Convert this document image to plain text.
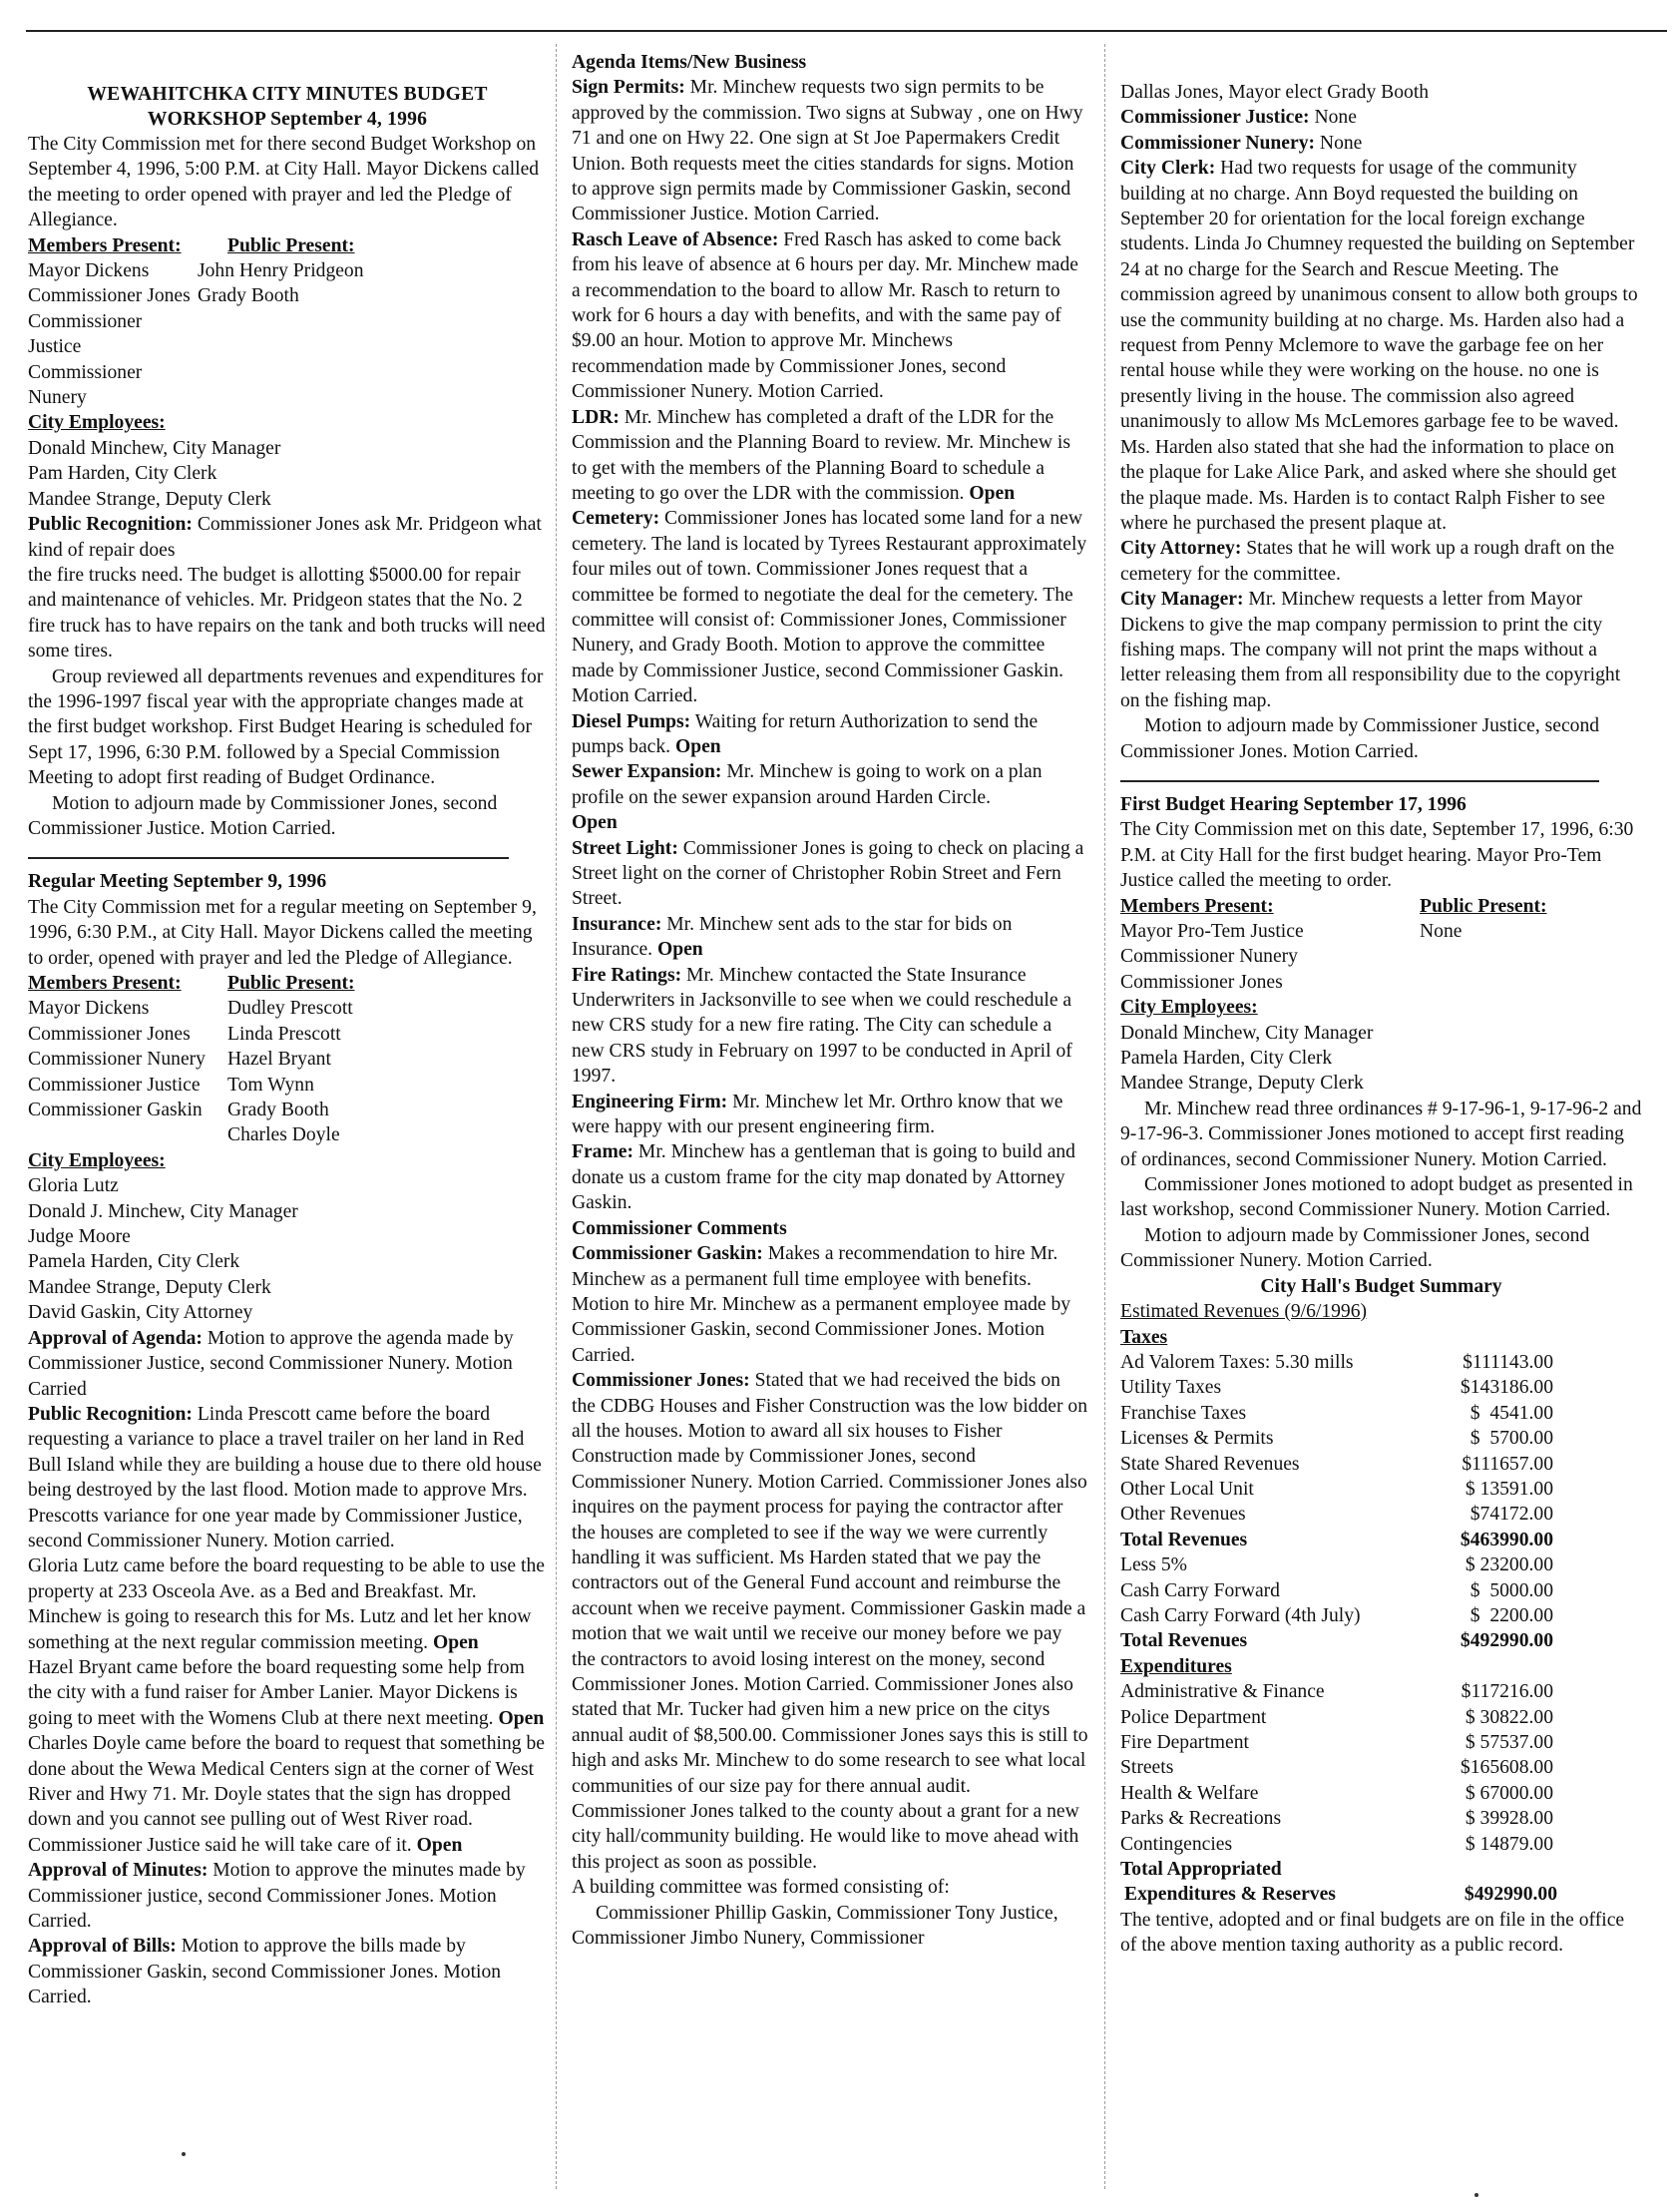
WEWAHITCHKA CITY MINUTES BUDGET
WORKSHOP September 4, 1996

The City Commission met for there second Budget Workshop on September 4, 1996, 5:00 P.M. at City Hall. Mayor Dickens called the meeting to order opened with prayer and led the Pledge of Allegiance.

Members Present:	Public Present:
Mayor Dickens	John Henry Pridgeon
Commissioner Jones Grady Booth
Commissioner Justice
Commissioner Nunery
City Employees:
Donald Minchew, City Manager
Pam Harden, City Clerk
Mandee Strange, Deputy Clerk

Public Recognition: Commissioner Jones ask Mr. Pridgeon what kind of repair does

the fire trucks need. The budget is allotting $5000.00 for repair and maintenance of vehicles. Mr. Pridgeon states that the No. 2 fire truck has to have repairs on the tank and both trucks will need some tires.

Group reviewed all departments revenues and expenditures for the 1996-1997 fiscal year with the appropriate changes made at the first budget workshop. First Budget Hearing is scheduled for Sept 17, 1996, 6:30 P.M. followed by a Special Commission Meeting to adopt first reading of Budget Ordinance.

Motion to adjourn made by Commissioner Jones, second Commissioner Justice. Motion Carried.

Regular Meeting September 9, 1996

The City Commission met for a regular meeting on September 9, 1996, 6:30 P.M., at City Hall. Mayor Dickens called the meeting to order, opened with prayer and led the Pledge of Allegiance.

Members Present:	Public Present:
Mayor Dickens	Dudley Prescott
Commissioner Jones	Linda Prescott
Commissioner Nunery	Hazel Bryant
Commissioner Justice	Tom Wynn
Commissioner Gaskin	Grady Booth
Charles Doyle
City Employees:
Gloria Lutz
Donald J. Minchew, City Manager
Judge Moore
Pamela Harden, City Clerk
Mandee Strange, Deputy Clerk
David Gaskin, City Attorney

Approval of Agenda: Motion to approve the agenda made by Commissioner Justice, second Commissioner Nunery. Motion Carried

Public Recognition: Linda Prescott came before the board requesting a variance to place a travel trailer on her land in Red Bull Island while they are building a house due to there old house being destroyed by the last flood. Motion made to approve Mrs. Prescotts variance for one year made by Commissioner Justice, second Commissioner Nunery. Motion carried.

Gloria Lutz came before the board requesting to be able to use the property at 233 Osceola Ave. as a Bed and Breakfast. Mr. Minchew is going to research this for Ms. Lutz and let her know something at the next regular commission meeting. Open

Hazel Bryant came before the board requesting some help from the city with a fund raiser for Amber Lanier. Mayor Dickens is going to meet with the Womens Club at there next meeting. Open

Charles Doyle came before the board to request that something be done about the Wewa Medical Centers sign at the corner of West River and Hwy 71. Mr. Doyle states that the sign has dropped down and you cannot see pulling out of West River road. Commissioner Justice said he will take care of it. Open

Approval of Minutes: Motion to approve the minutes made by Commissioner justice, second Commissioner Jones. Motion Carried.

Approval of Bills: Motion to approve the bills made by Commissioner Gaskin, second Commissioner Jones. Motion Carried.

Agenda Items/New Business

Sign Permits: Mr. Minchew requests two sign permits to be approved by the commission. Two signs at Subway , one on Hwy 71 and one on Hwy 22. One sign at St Joe Papermakers Credit Union. Both requests meet the cities standards for signs. Motion to approve sign permits made by Commissioner Gaskin, second Commissioner Justice. Motion Carried.

Rasch Leave of Absence: Fred Rasch has asked to come back from his leave of absence at 6 hours per day. Mr. Minchew made a recommendation to the board to allow Mr. Rasch to return to work for 6 hours a day with benefits, and with the same pay of $9.00 an hour. Motion to approve Mr. Minchews recommendation made by Commissioner Jones, second Commissioner Nunery. Motion Carried.

LDR: Mr. Minchew has completed a draft of the LDR for the Commission and the Planning Board to review. Mr. Minchew is to get with the members of the Planning Board to schedule a meeting to go over the LDR with the commission. Open

Cemetery: Commissioner Jones has located some land for a new cemetery. The land is located by Tyrees Restaurant approximately four miles out of town. Commissioner Jones request that a committee be formed to negotiate the deal for the cemetery. The committee will consist of: Commissioner Jones, Commissioner Nunery, and Grady Booth. Motion to approve the committee made by Commissioner Justice, second Commissioner Gaskin. Motion Carried.

Diesel Pumps: Waiting for return Authorization to send the pumps back. Open

Sewer Expansion: Mr. Minchew is going to work on a plan profile on the sewer expansion around Harden Circle.

Open

Street Light: Commissioner Jones is going to check on placing a Street light on the corner of Christopher Robin Street and Fern Street.

Insurance: Mr. Minchew sent ads to the star for bids on Insurance. Open

Fire Ratings: Mr. Minchew contacted the State Insurance Underwriters in Jacksonville to see when we could reschedule a new CRS study for a new fire rating. The City can schedule a new CRS study in February on 1997 to be conducted in April of 1997.

Engineering Firm: Mr. Minchew let Mr. Orthro know that we were happy with our present engineering firm.

Frame: Mr. Minchew has a gentleman that is going to build and donate us a custom frame for the city map donated by Attorney Gaskin.

Commissioner Comments

Commissioner Gaskin: Makes a recommendation to hire Mr. Minchew as a permanent full time employee with benefits. Motion to hire Mr. Minchew as a permanent employee made by Commissioner Gaskin, second Commissioner Jones. Motion Carried.

Commissioner Jones: Stated that we had received the bids on the CDBG Houses and Fisher Construction was the low bidder on all the houses. Motion to award all six houses to Fisher Construction made by Commissioner Jones, second Commissioner Nunery. Motion Carried. Commissioner Jones also inquires on the payment process for paying the contractor after the houses are completed to see if the way we were currently handling it was sufficient. Ms Harden stated that we pay the contractors out of the General Fund account and reimburse the account when we receive payment. Commissioner Gaskin made a motion that we wait until we receive our money before we pay the contractors to avoid losing interest on the money, second Commissioner Jones. Motion Carried. Commissioner Jones also stated that Mr. Tucker had given him a new price on the citys annual audit of $8,500.00. Commissioner Jones says this is still to high and asks Mr. Minchew to do some research to see what local communities of our size pay for there annual audit. Commissioner Jones talked to the county about a grant for a new city hall/community building. He would like to move ahead with this project as soon as possible.

A building committee was formed consisting of:

Commissioner Phillip Gaskin, Commissioner Tony Justice, Commissioner Jimbo Nunery, Commissioner

Dallas Jones, Mayor elect Grady Booth

Commissioner Justice: None

Commissioner Nunery: None

City Clerk: Had two requests for usage of the community building at no charge. Ann Boyd requested the building on September 20 for orientation for the local foreign exchange students. Linda Jo Chumney requested the building on September 24 at no charge for the Search and Rescue Meeting. The commission agreed by unanimous consent to allow both groups to use the community building at no charge. Ms. Harden also had a request from Penny Mclemore to wave the garbage fee on her rental house while they were working on the house. no one is presently living in the house. The commission also agreed unanimously to allow Ms McLemores garbage fee to be waved. Ms. Harden also stated that she had the information to place on the plaque for Lake Alice Park, and asked where she should get the plaque made. Ms. Harden is to contact Ralph Fisher to see where he purchased the present plaque at.

City Attorney: States that he will work up a rough draft on the cemetery for the committee.

City Manager: Mr. Minchew requests a letter from Mayor Dickens to give the map company permission to print the city fishing maps. The company will not print the maps without a letter releasing them from all responsibility due to the copyright on the fishing map.

Motion to adjourn made by Commissioner Justice, second Commissioner Jones. Motion Carried.

First Budget Hearing September 17, 1996

The City Commission met on this date, September 17, 1996, 6:30 P.M. at City Hall for the first budget hearing. Mayor Pro-Tem Justice called the meeting to order.

Members Present:	Public Present:
Mayor Pro-Tem Justice	None
Commissioner Nunery
Commissioner Jones
City Employees:
Donald Minchew, City Manager
Pamela Harden, City Clerk
Mandee Strange, Deputy Clerk

Mr. Minchew read three ordinances # 9-17-96-1, 9-17-96-2 and 9-17-96-3. Commissioner Jones motioned to accept first reading of ordinances, second Commissioner Nunery. Motion Carried.

Commissioner Jones motioned to adopt budget as presented in last workshop, second Commissioner Nunery. Motion Carried.

Motion to adjourn made by Commissioner Jones, second Commissioner Nunery. Motion Carried.

City Hall's Budget Summary
Estimated Revenues (9/6/1996)
Taxes
Ad Valorem Taxes: 5.30 mills	$111143.00
Utility Taxes	$143186.00
Franchise Taxes	$  4541.00
Licenses & Permits	$  5700.00
State Shared Revenues	$111657.00
Other Local Unit	$ 13591.00
Other Revenues	$74172.00
Total Revenues	$463990.00
Less 5%	$ 23200.00
Cash Carry Forward	$  5000.00
Cash Carry Forward (4th July)	$  2200.00
Total Revenues	$492990.00
Expenditures
Administrative & Finance	$117216.00
Police Department	$ 30822.00
Fire Department	$ 57537.00
Streets	$165608.00
Health & Welfare	$ 67000.00
Parks & Recreations	$ 39928.00
Contingencies	$ 14879.00
Total Appropriated
Expenditures & Reserves	$492990.00

The tentive, adopted and or final budgets are on file in the office of the above mention taxing authority as a public record.
